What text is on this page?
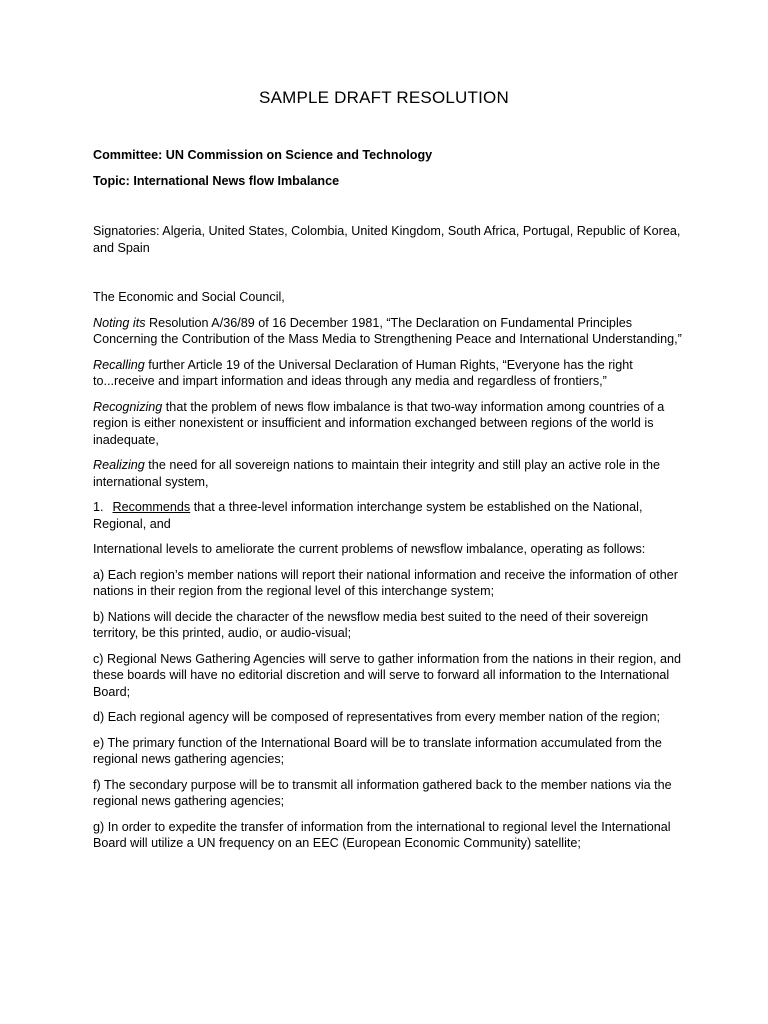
SAMPLE DRAFT RESOLUTION

Committee: UN Commission on Science and Technology

Topic: International News flow Imbalance

Signatories: Algeria, United States, Colombia, United Kingdom, South Africa, Portugal, Republic of Korea, and Spain

The Economic and Social Council,

Noting its Resolution A/36/89 of 16 December 1981, “The Declaration on Fundamental Principles Concerning the Contribution of the Mass Media to Strengthening Peace and International Understanding,”

Recalling further Article 19 of the Universal Declaration of Human Rights, “Everyone has the right to...receive and impart information and ideas through any media and regardless of frontiers,”

Recognizing that the problem of news flow imbalance is that two-way information among countries of a region is either nonexistent or insufficient and information exchanged between regions of the world is inadequate,

Realizing the need for all sovereign nations to maintain their integrity and still play an active role in the international system,

1. Recommends that a three-level information interchange system be established on the National, Regional, and

International levels to ameliorate the current problems of newsflow imbalance, operating as follows:

a) Each region’s member nations will report their national information and receive the information of other nations in their region from the regional level of this interchange system;

b) Nations will decide the character of the newsflow media best suited to the need of their sovereign territory, be this printed, audio, or audio-visual;

c) Regional News Gathering Agencies will serve to gather information from the nations in their region, and these boards will have no editorial discretion and will serve to forward all information to the International Board;

d) Each regional agency will be composed of representatives from every member nation of the region;

e) The primary function of the International Board will be to translate information accumulated from the regional news gathering agencies;

f) The secondary purpose will be to transmit all information gathered back to the member nations via the regional news gathering agencies;

g) In order to expedite the transfer of information from the international to regional level the International Board will utilize a UN frequency on an EEC (European Economic Community) satellite;
